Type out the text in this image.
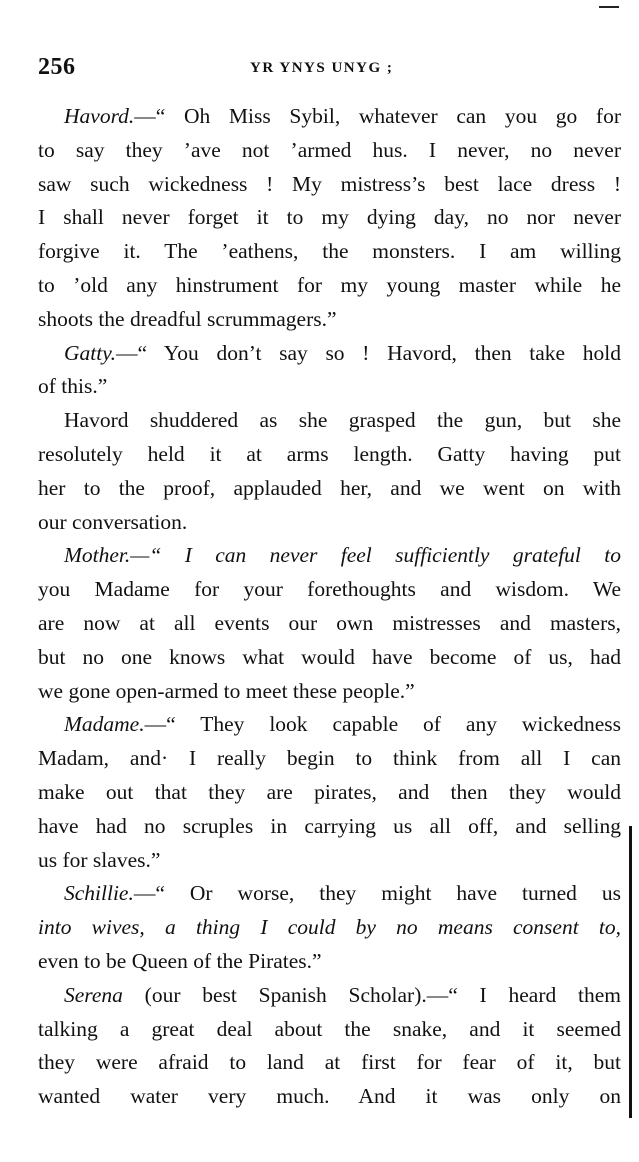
256	YR YNYS UNYG ;
Havord.—“ Oh Miss Sybil, whatever can you go for
to say they ’ave not ’armed hus. I never, no never
saw such wickedness ! My mistress’s best lace dress !
I shall never forget it to my dying day, no nor never
forgive it. The ’eathens, the monsters. I am willing
to ’old any hinstrument for my young master while he
shoots the dreadful scrummagers.”
Gatty.—“ You don’t say so ! Havord, then take hold
of this.”
Havord shuddered as she grasped the gun, but she
resolutely held it at arms length. Gatty having put
her to the proof, applauded her, and we went on with
our conversation.
Mother.—“ I can never feel sufficiently grateful to
you Madame for your forethoughts and wisdom. We
are now at all events our own mistresses and masters,
but no one knows what would have become of us, had
we gone open-armed to meet these people.”
Madame.—“ They look capable of any wickedness
Madam, and· I really begin to think from all I can
make out that they are pirates, and then they would
have had no scruples in carrying us all off, and selling
us for slaves.”
Schillie.—“ Or worse, they might have turned us
into wives, a thing I could by no means consent to,
even to be Queen of the Pirates.”
Serena (our best Spanish Scholar).—“ I heard them
talking a great deal about the snake, and it seemed
they were afraid to land at first for fear of it, but
wanted water very much. And it was only on
